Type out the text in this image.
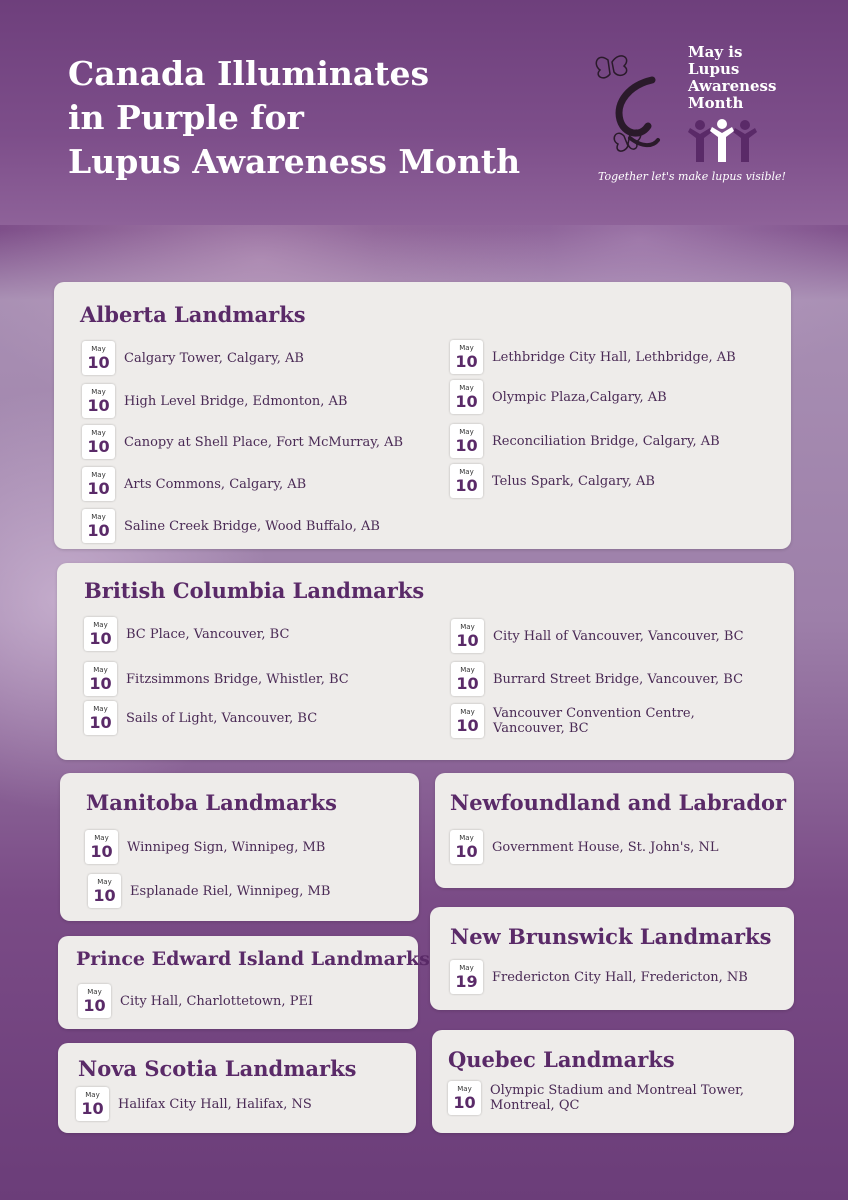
Canada Illuminates
in Purple for
Lupus Awareness Month
May is
Lupus
Awareness
Month
Together let's make lupus visible!
Alberta Landmarks
May
10 Calgary Tower, Calgary, AB
May
10 High Level Bridge, Edmonton, AB
May
10 Canopy at Shell Place, Fort McMurray, AB
May
10 Arts Commons, Calgary, AB
May
10 Saline Creek Bridge, Wood Buffalo, AB
May
10 Lethbridge City Hall, Lethbridge, AB
May
10 Olympic Plaza,Calgary, AB
May
10 Reconciliation Bridge, Calgary, AB
May
10 Telus Spark, Calgary, AB
British Columbia Landmarks
May
10 BC Place, Vancouver, BC
May
10 Fitzsimmons Bridge, Whistler, BC
May
10 Sails of Light, Vancouver, BC
May
10 City Hall of Vancouver, Vancouver, BC
May
10 Burrard Street Bridge, Vancouver, BC
May
10
Vancouver Convention Centre,
Vancouver, BC
Manitoba Landmarks
May
10 Winnipeg Sign, Winnipeg, MB
May
10 Esplanade Riel, Winnipeg, MB
Newfoundland and Labrador
May
10 Government House, St. John's, NL
Prince Edward Island Landmarks
May
10 City Hall, Charlottetown, PEI
New Brunswick Landmarks
May
19 Fredericton City Hall, Fredericton, NB
Nova Scotia Landmarks
May
10 Halifax City Hall, Halifax, NS
Quebec Landmarks
May
10
Olympic Stadium and Montreal Tower,
Montreal, QC
